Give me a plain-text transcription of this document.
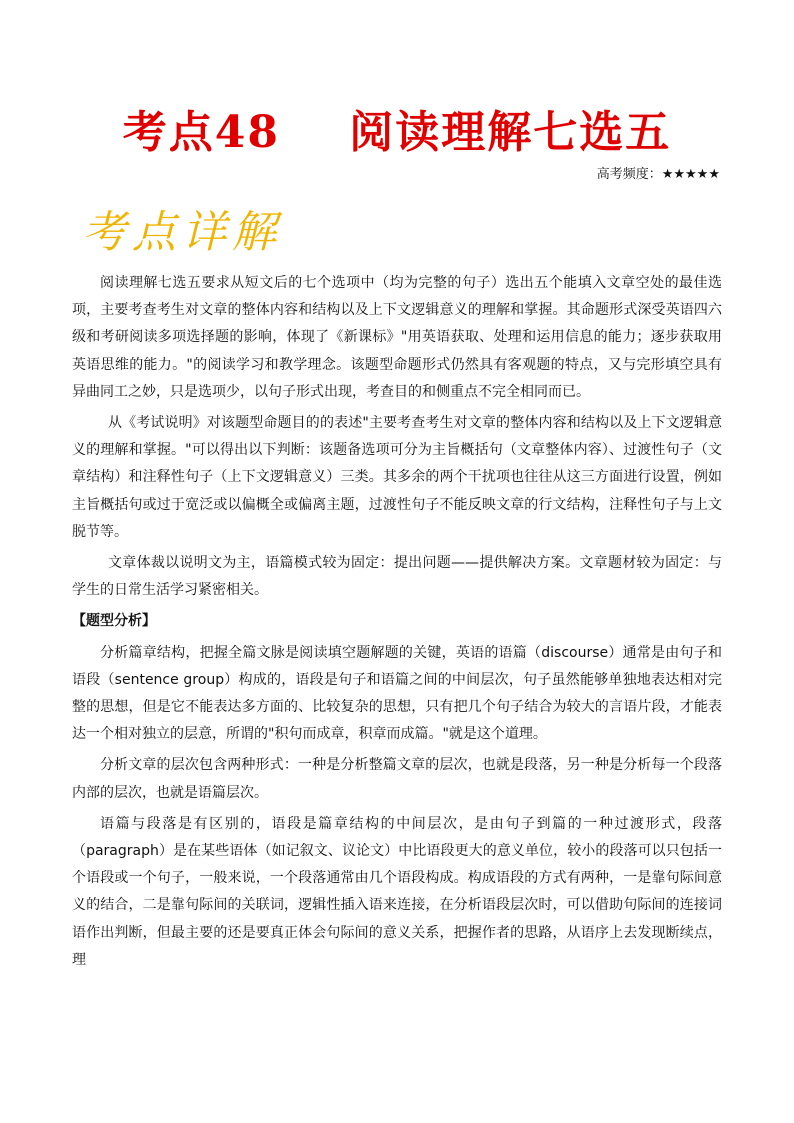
考点48    阅读理解七选五
高考频度：★★★★★
考点详解

阅读理解七选五要求从短文后的七个选项中（均为完整的句子）选出五个能填入文章空处的最佳选项，主要考查考生对文章的整体内容和结构以及上下文逻辑意义的理解和掌握。其命题形式深受英语四六级和考研阅读多项选择题的影响，体现了《新课标》"用英语获取、处理和运用信息的能力；逐步获取用英语思维的能力。"的阅读学习和教学理念。该题型命题形式仍然具有客观题的特点，又与完形填空具有异曲同工之妙，只是选项少，以句子形式出现，考查目的和侧重点不完全相同而已。

从《考试说明》对该题型命题目的的表述"主要考查考生对文章的整体内容和结构以及上下文逻辑意义的理解和掌握。"可以得出以下判断：该题备选项可分为主旨概括句（文章整体内容）、过渡性句子（文章结构）和注释性句子（上下文逻辑意义）三类。其多余的两个干扰项也往往从这三方面进行设置，例如主旨概括句或过于宽泛或以偏概全或偏离主题，过渡性句子不能反映文章的行文结构，注释性句子与上文脱节等。

文章体裁以说明文为主，语篇模式较为固定：提出问题——提供解决方案。文章题材较为固定：与学生的日常生活学习紧密相关。

【题型分析】

分析篇章结构，把握全篇文脉是阅读填空题解题的关键，英语的语篇（discourse）通常是由句子和语段（sentence group）构成的，语段是句子和语篇之间的中间层次，句子虽然能够单独地表达相对完整的思想，但是它不能表达多方面的、比较复杂的思想，只有把几个句子结合为较大的言语片段，才能表达一个相对独立的层意，所谓的"积句而成章，积章而成篇。"就是这个道理。

分析文章的层次包含两种形式：一种是分析整篇文章的层次，也就是段落，另一种是分析每一个段落内部的层次，也就是语篇层次。

语篇与段落是有区别的，语段是篇章结构的中间层次，是由句子到篇的一种过渡形式，段落（paragraph）是在某些语体（如记叙文、议论文）中比语段更大的意义单位，较小的段落可以只包括一个语段或一个句子，一般来说，一个段落通常由几个语段构成。构成语段的方式有两种，一是靠句际间意义的结合，二是靠句际间的关联词，逻辑性插入语来连接，在分析语段层次时，可以借助句际间的连接词语作出判断，但最主要的还是要真正体会句际间的意义关系，把握作者的思路，从语序上去发现断续点，理
